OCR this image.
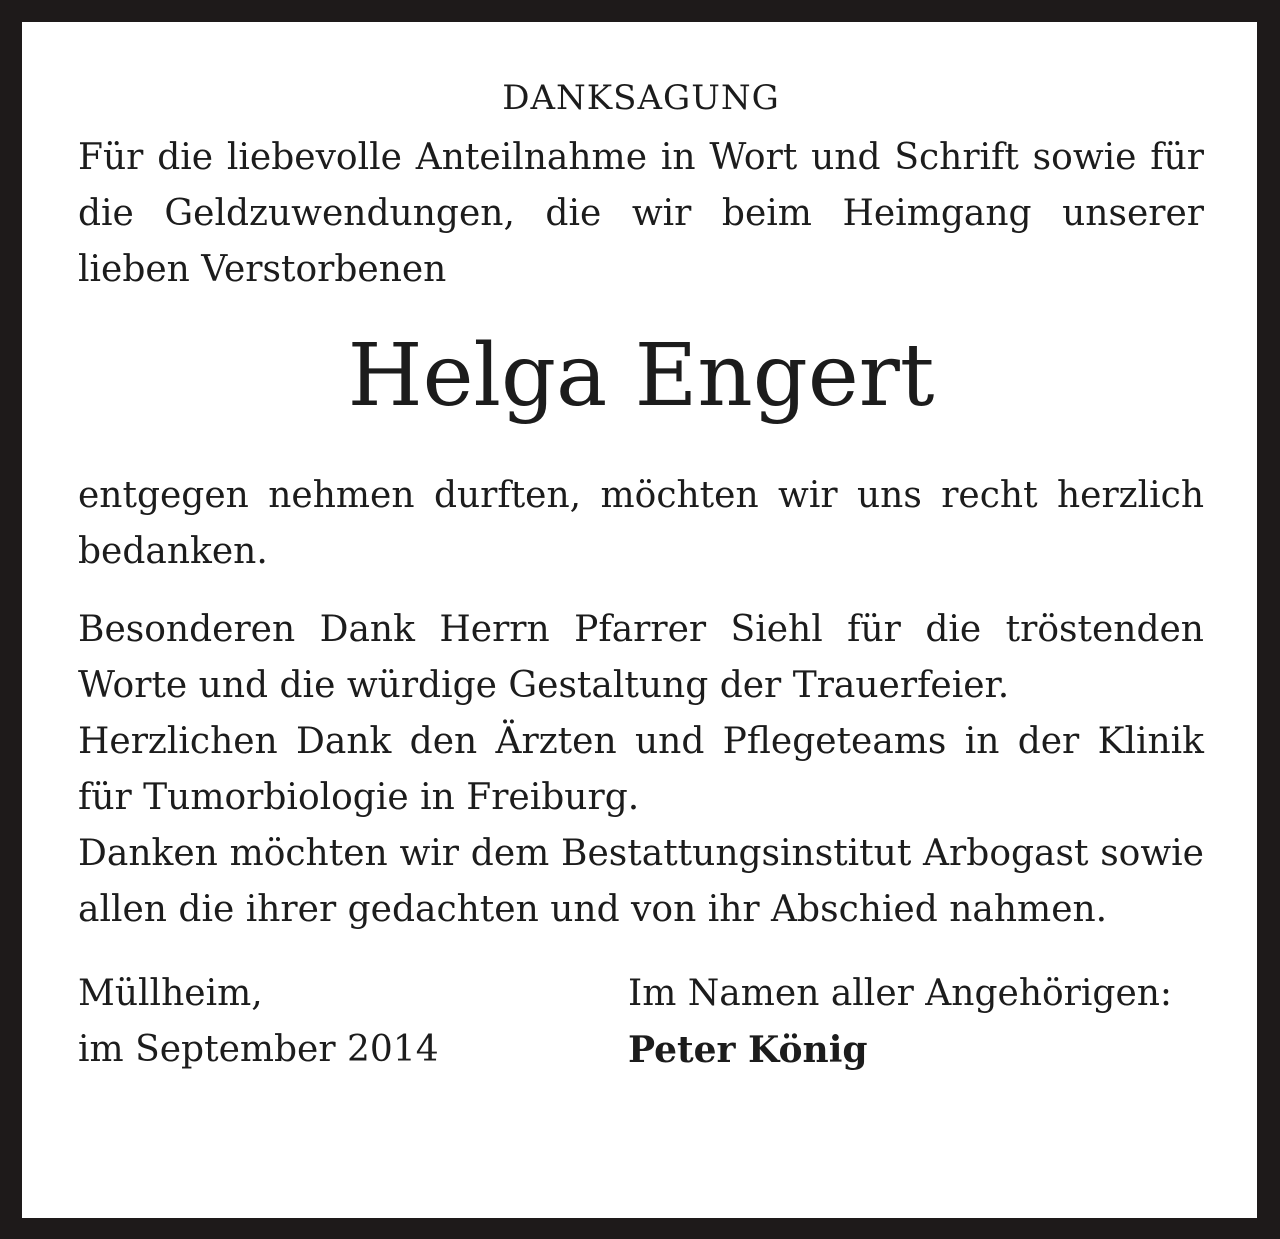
DANKSAGUNG

Für die liebevolle Anteilnahme in Wort und Schrift sowie für die Geldzuwendungen, die wir beim Heimgang unserer lieben Verstorbenen

Helga Engert

entgegen nehmen durften, möchten wir uns recht herzlich bedanken.

Besonderen Dank Herrn Pfarrer Siehl für die tröstenden Worte und die würdige Gestaltung der Trauerfeier.

Herzlichen Dank den Ärzten und Pflegeteams in der Klinik für Tumorbiologie in Freiburg.

Danken möchten wir dem Bestattungsinstitut Arbogast sowie allen die ihrer gedachten und von ihr Abschied nahmen.

Müllheim,
im September 2014
Im Namen aller Angehörigen:
Peter König
